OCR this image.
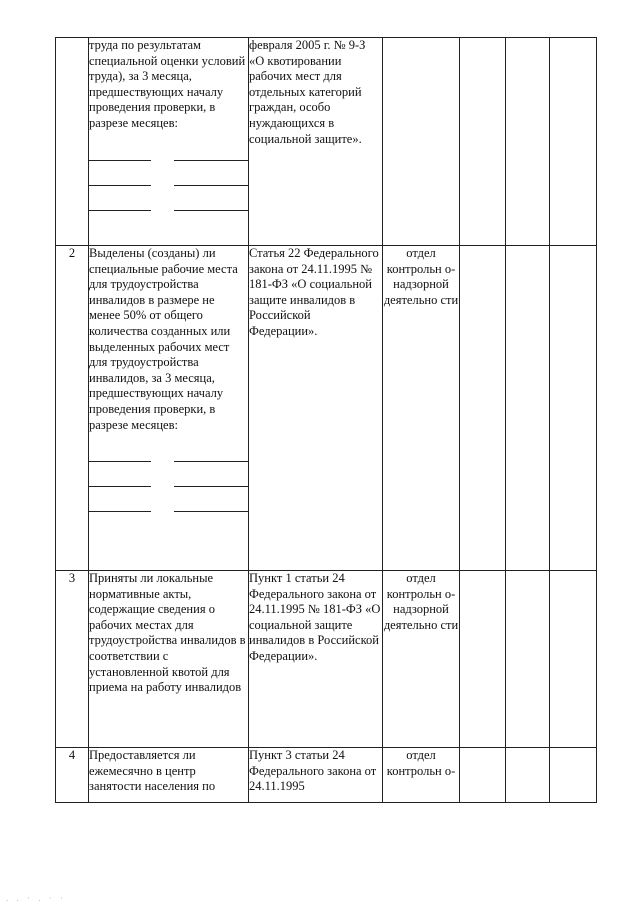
	труда по результатам специальной оценки условий труда), за 3 месяца, предшествующих началу проведения проверки, в разрезе месяцев:	февраля 2005 г. № 9-З «О квотировании рабочих мест для отдельных категорий граждан, особо нуждающихся в социальной защите».				
2	Выделены (созданы) ли специальные рабочие места для трудоустройства инвалидов в размере не менее 50% от общего количества созданных или выделенных рабочих мест для трудоустройства инвалидов, за 3 месяца, предшествующих началу проведения проверки, в разрезе месяцев:	Статья 22 Федерального закона от 24.11.1995 № 181-ФЗ «О социальной защите инвалидов в Российской Федерации».	отдел контрольн о-надзорной деятельно сти			
3	Приняты ли локальные нормативные акты, содержащие сведения о рабочих местах для трудоустройства инвалидов в соответствии с установленной квотой для приема на работу инвалидов	Пункт 1 статьи 24 Федерального закона от 24.11.1995 № 181-ФЗ «О социальной защите инвалидов в Российской Федерации».	отдел контрольн о-надзорной деятельно сти			
4	Предоставляется ли ежемесячно в центр занятости населения по	Пункт 3 статьи 24 Федерального закона от 24.11.1995	отдел контрольн о-			
. . · . · ·
